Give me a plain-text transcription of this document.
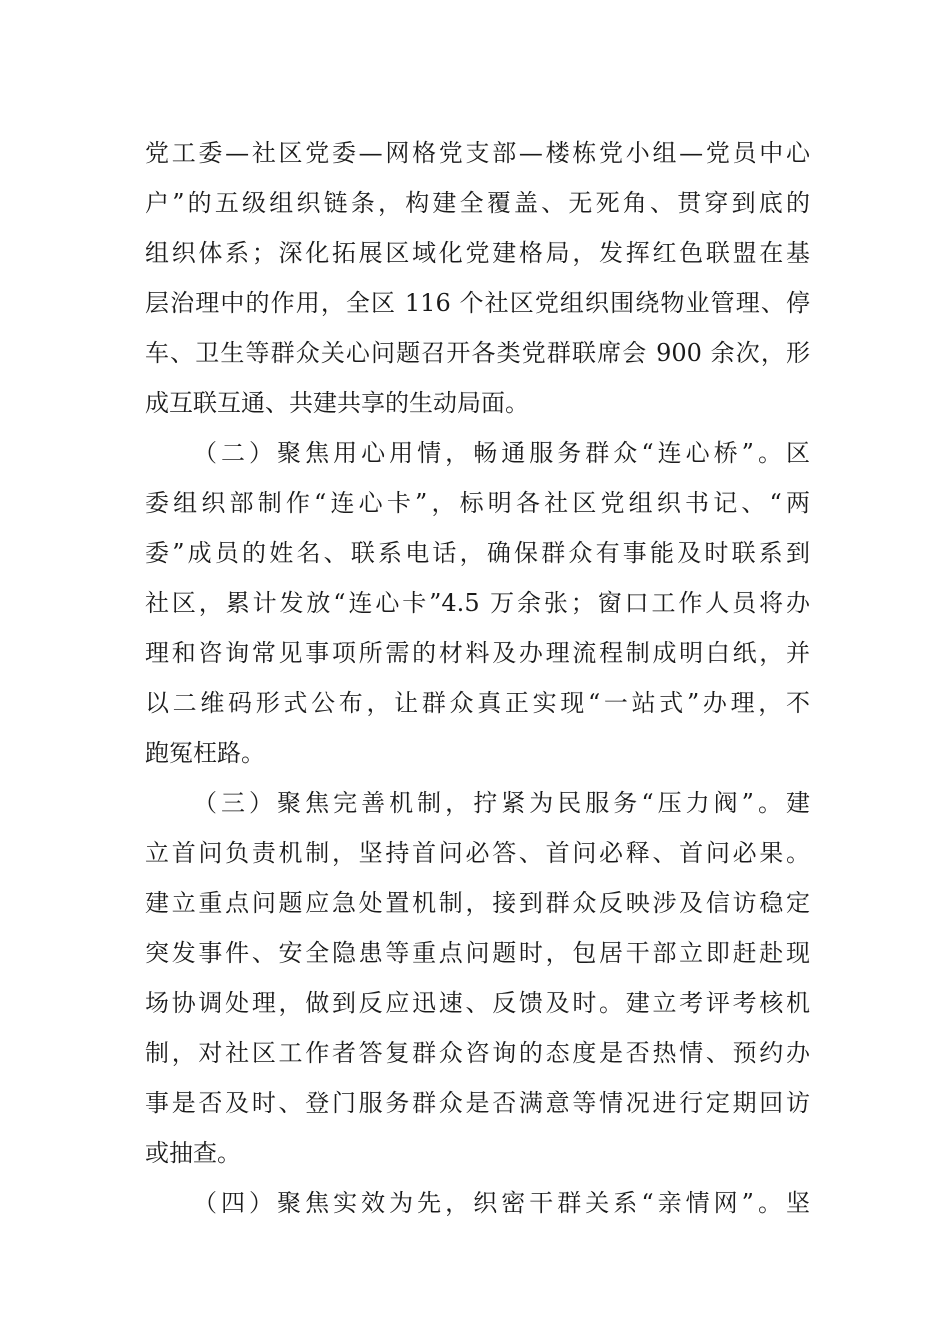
党工委—社区党委—网格党支部—楼栋党小组—党员中心
户”的五级组织链条，构建全覆盖、无死角、贯穿到底的
组织体系；深化拓展区域化党建格局，发挥红色联盟在基
层治理中的作用，全区 116 个社区党组织围绕物业管理、停
车、卫生等群众关心问题召开各类党群联席会 900 余次，形
成互联互通、共建共享的生动局面。
（二）聚焦用心用情，畅通服务群众“连心桥”。区
委组织部制作“连心卡”，标明各社区党组织书记、“两
委”成员的姓名、联系电话，确保群众有事能及时联系到
社区，累计发放“连心卡”4.5 万余张；窗口工作人员将办
理和咨询常见事项所需的材料及办理流程制成明白纸，并
以二维码形式公布，让群众真正实现“一站式”办理，不
跑冤枉路。
（三）聚焦完善机制，拧紧为民服务“压力阀”。建
立首问负责机制，坚持首问必答、首问必释、首问必果。
建立重点问题应急处置机制，接到群众反映涉及信访稳定
突发事件、安全隐患等重点问题时，包居干部立即赶赴现
场协调处理，做到反应迅速、反馈及时。建立考评考核机
制，对社区工作者答复群众咨询的态度是否热情、预约办
事是否及时、登门服务群众是否满意等情况进行定期回访
或抽查。
（四）聚焦实效为先，织密干群关系“亲情网”。坚
